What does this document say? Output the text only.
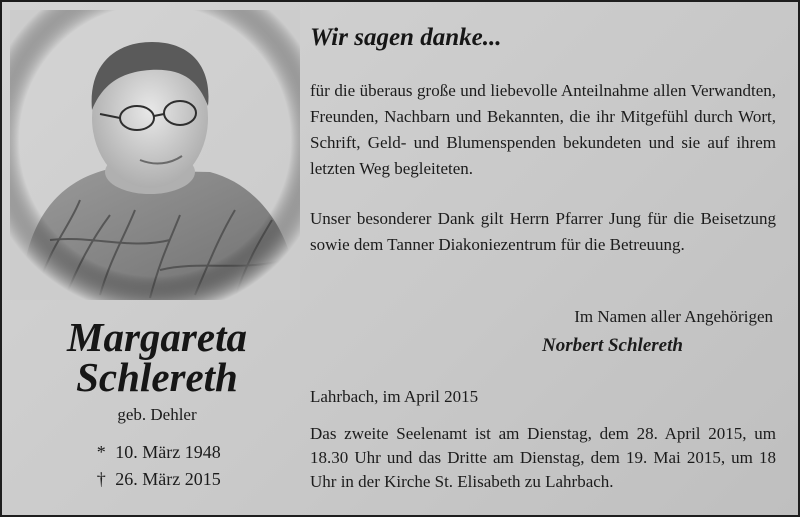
Margareta
Schlereth
geb. Dehler
* 10. März 1948
† 26. März 2015
Wir sagen danke...
für die überaus große und liebevolle Anteilnahme allen Verwandten, Freunden, Nachbarn und Bekannten, die ihr Mitgefühl durch Wort, Schrift, Geld- und Blumenspenden bekundeten und sie auf ihrem letzten Weg begleiteten.
Unser besonderer Dank gilt Herrn Pfarrer Jung für die Beisetzung sowie dem Tanner Diakoniezentrum für die Betreuung.
Im Namen aller Angehörigen
Norbert Schlereth
Lahrbach, im April 2015
Das zweite Seelenamt ist am Dienstag, dem 28. April 2015, um 18.30 Uhr und das Dritte am Dienstag, dem 19. Mai 2015, um 18 Uhr in der Kirche St. Elisabeth zu Lahrbach.
